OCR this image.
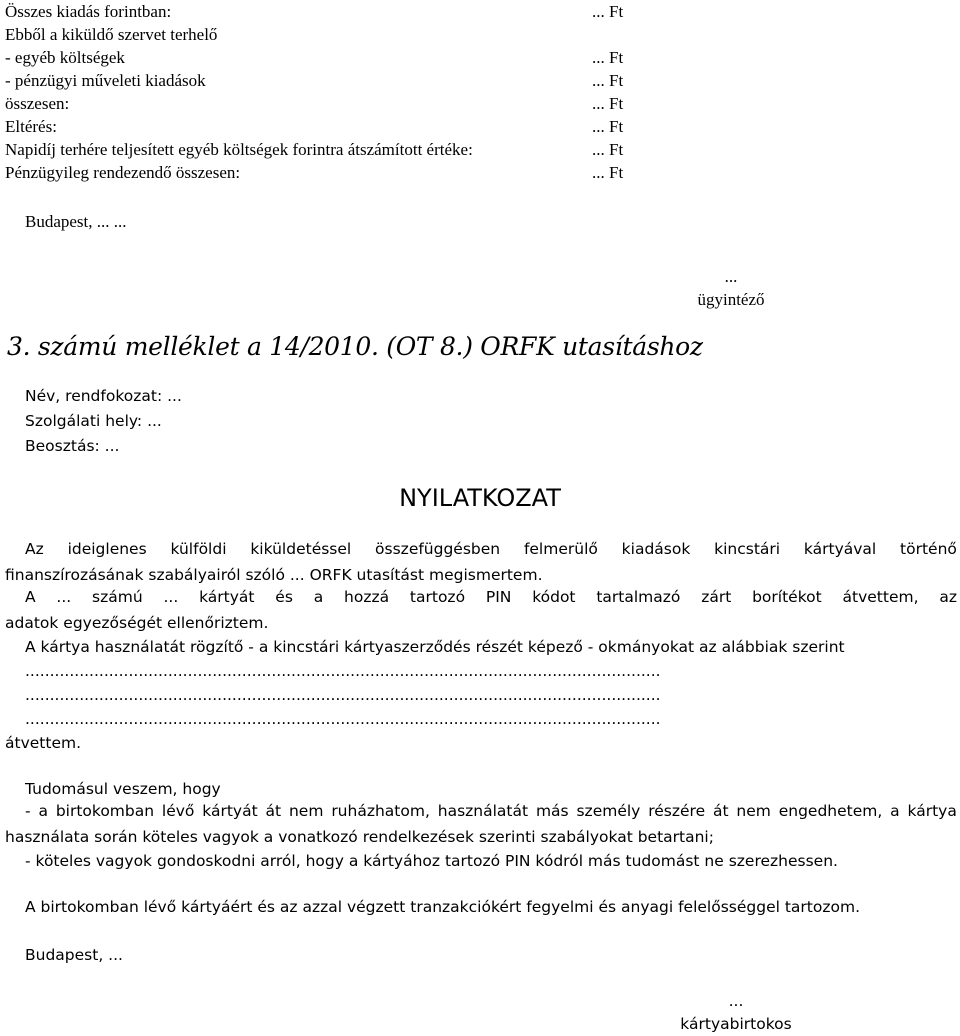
Összes kiadás forintban:	... Ft
Ebből a kiküldő szervet terhelő
- egyéb költségek	... Ft
- pénzügyi műveleti kiadások	... Ft
összesen:	... Ft
Eltérés:	... Ft
Napidíj terhére teljesített egyéb költségek forintra átszámított értéke:	... Ft
Pénzügyileg rendezendő összesen:	... Ft
Budapest, ... ...
...
ügyintéző
3. számú melléklet a 14/2010. (OT 8.) ORFK utasításhoz
Név, rendfokozat: ...
Szolgálati hely: ...
Beosztás: ...
NYILATKOZAT
Az ideiglenes külföldi kiküldetéssel összefüggésben felmerülő kiadások kincstári kártyával történő
finanszírozásának szabályairól szóló ... ORFK utasítást megismertem.
A ... számú ... kártyát és a hozzá tartozó PIN kódot tartalmazó zárt borítékot átvettem, az
adatok egyezőségét ellenőriztem.
A kártya használatát rögzítő - a kincstári kártyaszerződés részét képező - okmányokat az alábbiak szerint
.................................................................................................................................
.................................................................................................................................
.................................................................................................................................
átvettem.
Tudomásul veszem, hogy
- a birtokomban lévő kártyát át nem ruházhatom, használatát más személy részére át nem engedhetem, a kártya
használata során köteles vagyok a vonatkozó rendelkezések szerinti szabályokat betartani;
- köteles vagyok gondoskodni arról, hogy a kártyához tartozó PIN kódról más tudomást ne szerezhessen.
A birtokomban lévő kártyáért és az azzal végzett tranzakciókért fegyelmi és anyagi felelősséggel tartozom.
Budapest, ...
...
kártyabirtokos
